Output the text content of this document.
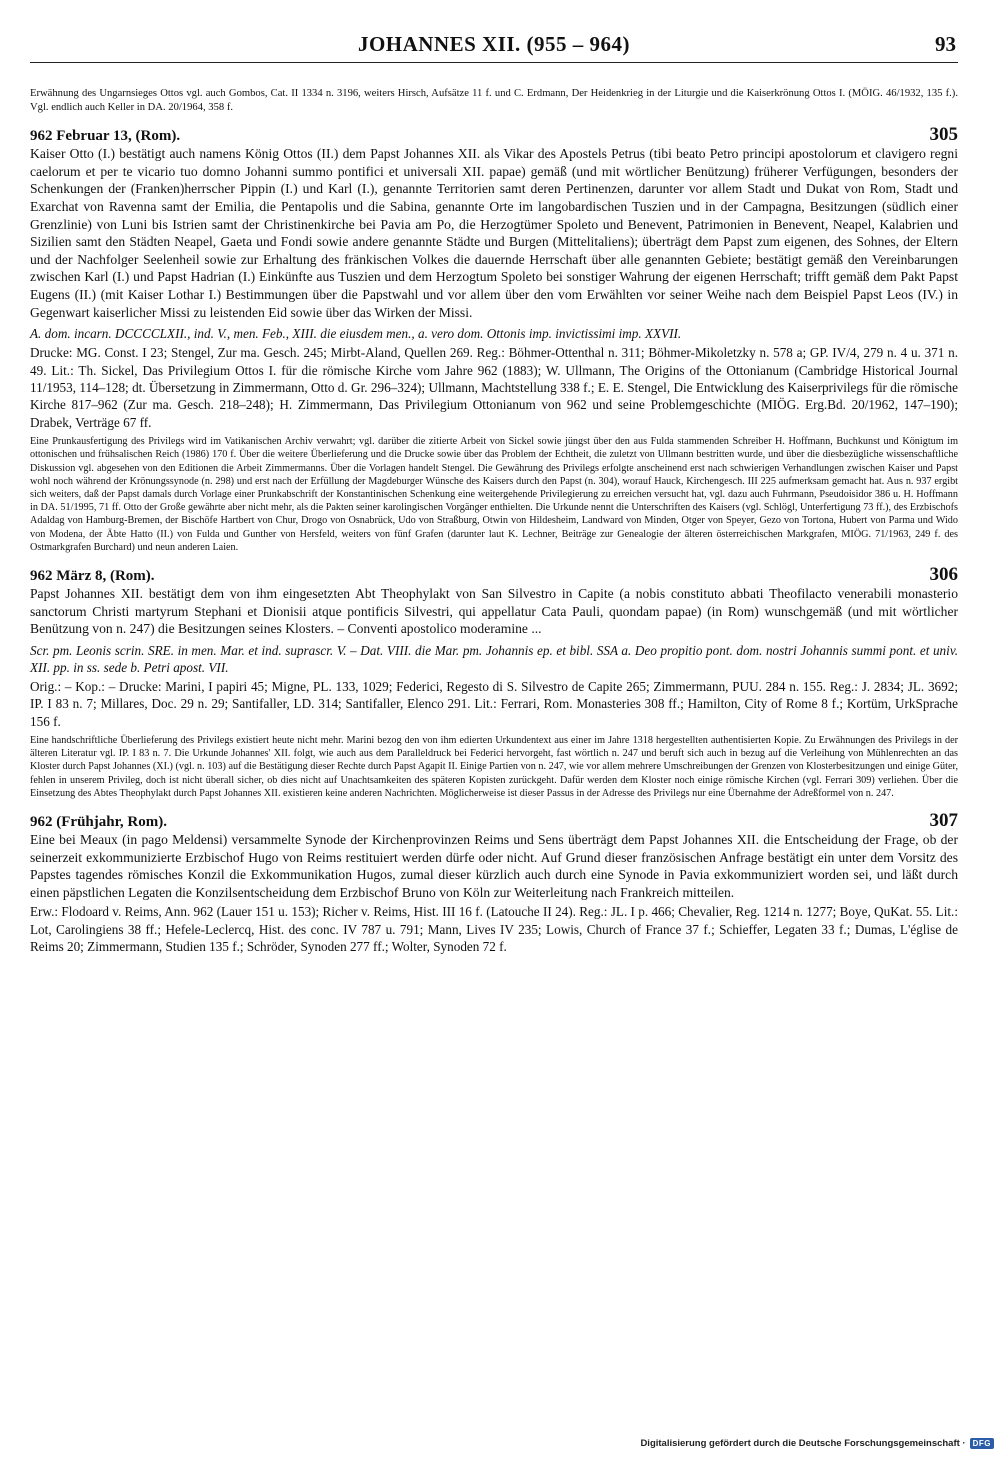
JOHANNES XII. (955 – 964)	93

Erwähnung des Ungarnsieges Ottos vgl. auch Gombos, Cat. II 1334 n. 3196, weiters Hirsch, Aufsätze 11 f. und C. Erdmann, Der Heidenkrieg in der Liturgie und die Kaiserkrönung Ottos I. (MÖIG. 46/1932, 135 f.). Vgl. endlich auch Keller in DA. 20/1964, 358 f.

962 Februar 13, (Rom).	305

Kaiser Otto (I.) bestätigt auch namens König Ottos (II.) dem Papst Johannes XII. als Vikar des Apostels Petrus (tibi beato Petro principi apostolorum et clavigero regni caelorum et per te vicario tuo domno Johanni summo pontifici et universali XII. papae) gemäß (und mit wörtlicher Benützung) früherer Verfügungen, besonders der Schenkungen der (Franken)herrscher Pippin (I.) und Karl (I.), genannte Territorien samt deren Pertinenzen, darunter vor allem Stadt und Dukat von Rom, Stadt und Exarchat von Ravenna samt der Emilia, die Pentapolis und die Sabina, genannte Orte im langobardischen Tuszien und in der Campagna, Besitzungen (südlich einer Grenzlinie) von Luni bis Istrien samt der Christinenkirche bei Pavia am Po, die Herzogtümer Spoleto und Benevent, Patrimonien in Benevent, Neapel, Kalabrien und Sizilien samt den Städten Neapel, Gaeta und Fondi sowie andere genannte Städte und Burgen (Mittelitaliens); überträgt dem Papst zum eigenen, des Sohnes, der Eltern und der Nachfolger Seelenheil sowie zur Erhaltung des fränkischen Volkes die dauernde Herrschaft über alle genannten Gebiete; bestätigt gemäß den Vereinbarungen zwischen Karl (I.) und Papst Hadrian (I.) Einkünfte aus Tuszien und dem Herzogtum Spoleto bei sonstiger Wahrung der eigenen Herrschaft; trifft gemäß dem Pakt Papst Eugens (II.) (mit Kaiser Lothar I.) Bestimmungen über die Papstwahl und vor allem über den vom Erwählten vor seiner Weihe nach dem Beispiel Papst Leos (IV.) in Gegenwart kaiserlicher Missi zu leistenden Eid sowie über das Wirken der Missi.

A. dom. incarn. DCCCCLXII., ind. V., men. Feb., XIII. die eiusdem men., a. vero dom. Ottonis imp. invictissimi imp. XXVII.

Drucke: MG. Const. I 23; Stengel, Zur ma. Gesch. 245; Mirbt-Aland, Quellen 269. Reg.: Böhmer-Ottenthal n. 311; Böhmer-Mikoletzky n. 578 a; GP. IV/4, 279 n. 4 u. 371 n. 49. Lit.: Th. Sickel, Das Privilegium Ottos I. für die römische Kirche vom Jahre 962 (1883); W. Ullmann, The Origins of the Ottonianum (Cambridge Historical Journal 11/1953, 114–128; dt. Übersetzung in Zimmermann, Otto d. Gr. 296–324); Ullmann, Machtstellung 338 f.; E. E. Stengel, Die Entwicklung des Kaiserprivilegs für die römische Kirche 817–962 (Zur ma. Gesch. 218–248); H. Zimmermann, Das Privilegium Ottonianum von 962 und seine Problemgeschichte (MIÖG. Erg.Bd. 20/1962, 147–190); Drabek, Verträge 67 ff.

Eine Prunkausfertigung des Privilegs wird im Vatikanischen Archiv verwahrt; vgl. darüber die zitierte Arbeit von Sickel sowie jüngst über den aus Fulda stammenden Schreiber H. Hoffmann, Buchkunst und Königtum im ottonischen und frühsalischen Reich (1986) 170 f. Über die weitere Überlieferung und die Drucke sowie über das Problem der Echtheit, die zuletzt von Ullmann bestritten wurde, und über die diesbezügliche wissenschaftliche Diskussion vgl. abgesehen von den Editionen die Arbeit Zimmermanns. Über die Vorlagen handelt Stengel. Die Gewährung des Privilegs erfolgte anscheinend erst nach schwierigen Verhandlungen zwischen Kaiser und Papst wohl noch während der Krönungssynode (n. 298) und erst nach der Erfüllung der Magdeburger Wünsche des Kaisers durch den Papst (n. 304), worauf Hauck, Kirchengesch. III 225 aufmerksam gemacht hat. Aus n. 937 ergibt sich weiters, daß der Papst damals durch Vorlage einer Prunkabschrift der Konstantinischen Schenkung eine weitergehende Privilegierung zu erreichen versucht hat, vgl. dazu auch Fuhrmann, Pseudoisidor 386 u. H. Hoffmann in DA. 51/1995, 71 ff. Otto der Große gewährte aber nicht mehr, als die Pakten seiner karolingischen Vorgänger enthielten. Die Urkunde nennt die Unterschriften des Kaisers (vgl. Schlögl, Unterfertigung 73 ff.), des Erzbischofs Adaldag von Hamburg-Bremen, der Bischöfe Hartbert von Chur, Drogo von Osnabrück, Udo von Straßburg, Otwin von Hildesheim, Landward von Minden, Otger von Speyer, Gezo von Tortona, Hubert von Parma und Wido von Modena, der Äbte Hatto (II.) von Fulda und Gunther von Hersfeld, weiters von fünf Grafen (darunter laut K. Lechner, Beiträge zur Genealogie der älteren österreichischen Markgrafen, MIÖG. 71/1963, 249 f. des Ostmarkgrafen Burchard) und neun anderen Laien.

962 März 8, (Rom).	306

Papst Johannes XII. bestätigt dem von ihm eingesetzten Abt Theophylakt von San Silvestro in Capite (a nobis constituto abbati Theofilacto venerabili monasterio sanctorum Christi martyrum Stephani et Dionisii atque pontificis Silvestri, qui appellatur Cata Pauli, quondam papae) (in Rom) wunschgemäß (und mit wörtlicher Benützung von n. 247) die Besitzungen seines Klosters. – Conventi apostolico moderamine ...

Scr. pm. Leonis scrin. SRE. in men. Mar. et ind. suprascr. V. – Dat. VIII. die Mar. pm. Johannis ep. et bibl. SSA a. Deo propitio pont. dom. nostri Johannis summi pont. et univ. XII. pp. in ss. sede b. Petri apost. VII.

Orig.: – Kop.: – Drucke: Marini, I papiri 45; Migne, PL. 133, 1029; Federici, Regesto di S. Silvestro de Capite 265; Zimmermann, PUU. 284 n. 155. Reg.: J. 2834; JL. 3692; IP. I 83 n. 7; Millares, Doc. 29 n. 29; Santifaller, LD. 314; Santifaller, Elenco 291. Lit.: Ferrari, Rom. Monasteries 308 ff.; Hamilton, City of Rome 8 f.; Kortüm, UrkSprache 156 f.

Eine handschriftliche Überlieferung des Privilegs existiert heute nicht mehr. Marini bezog den von ihm edierten Urkundentext aus einer im Jahre 1318 hergestellten authentisierten Kopie. Zu Erwähnungen des Privilegs in der älteren Literatur vgl. IP. I 83 n. 7. Die Urkunde Johannes' XII. folgt, wie auch aus dem Paralleldruck bei Federici hervorgeht, fast wörtlich n. 247 und beruft sich auch in bezug auf die Verleihung von Mühlenrechten an das Kloster durch Papst Johannes (XI.) (vgl. n. 103) auf die Bestätigung dieser Rechte durch Papst Agapit II. Einige Partien von n. 247, wie vor allem mehrere Umschreibungen der Grenzen von Klosterbesitzungen und einige Güter, fehlen in unserem Privileg, doch ist nicht überall sicher, ob dies nicht auf Unachtsamkeiten des späteren Kopisten zurückgeht. Dafür werden dem Kloster noch einige römische Kirchen (vgl. Ferrari 309) verliehen. Über die Einsetzung des Abtes Theophylakt durch Papst Johannes XII. existieren keine anderen Nachrichten. Möglicherweise ist dieser Passus in der Adresse des Privilegs nur eine Übernahme der Adreßformel von n. 247.

962 (Frühjahr, Rom).	307

Eine bei Meaux (in pago Meldensi) versammelte Synode der Kirchenprovinzen Reims und Sens überträgt dem Papst Johannes XII. die Entscheidung der Frage, ob der seinerzeit exkommunizierte Erzbischof Hugo von Reims restituiert werden dürfe oder nicht. Auf Grund dieser französischen Anfrage bestätigt ein unter dem Vorsitz des Papstes tagendes römisches Konzil die Exkommunikation Hugos, zumal dieser kürzlich auch durch eine Synode in Pavia exkommuniziert worden sei, und läßt durch einen päpstlichen Legaten die Konzilsentscheidung dem Erzbischof Bruno von Köln zur Weiterleitung nach Frankreich mitteilen.

Erw.: Flodoard v. Reims, Ann. 962 (Lauer 151 u. 153); Richer v. Reims, Hist. III 16 f. (Latouche II 24). Reg.: JL. I p. 466; Chevalier, Reg. 1214 n. 1277; Boye, QuKat. 55. Lit.: Lot, Carolingiens 38 ff.; Hefele-Leclercq, Hist. des conc. IV 787 u. 791; Mann, Lives IV 235; Lowis, Church of France 37 f.; Schieffer, Legaten 33 f.; Dumas, L'église de Reims 20; Zimmermann, Studien 135 f.; Schröder, Synoden 277 ff.; Wolter, Synoden 72 f.

Digitalisierung gefördert durch die Deutsche Forschungsgemeinschaft · DFG
